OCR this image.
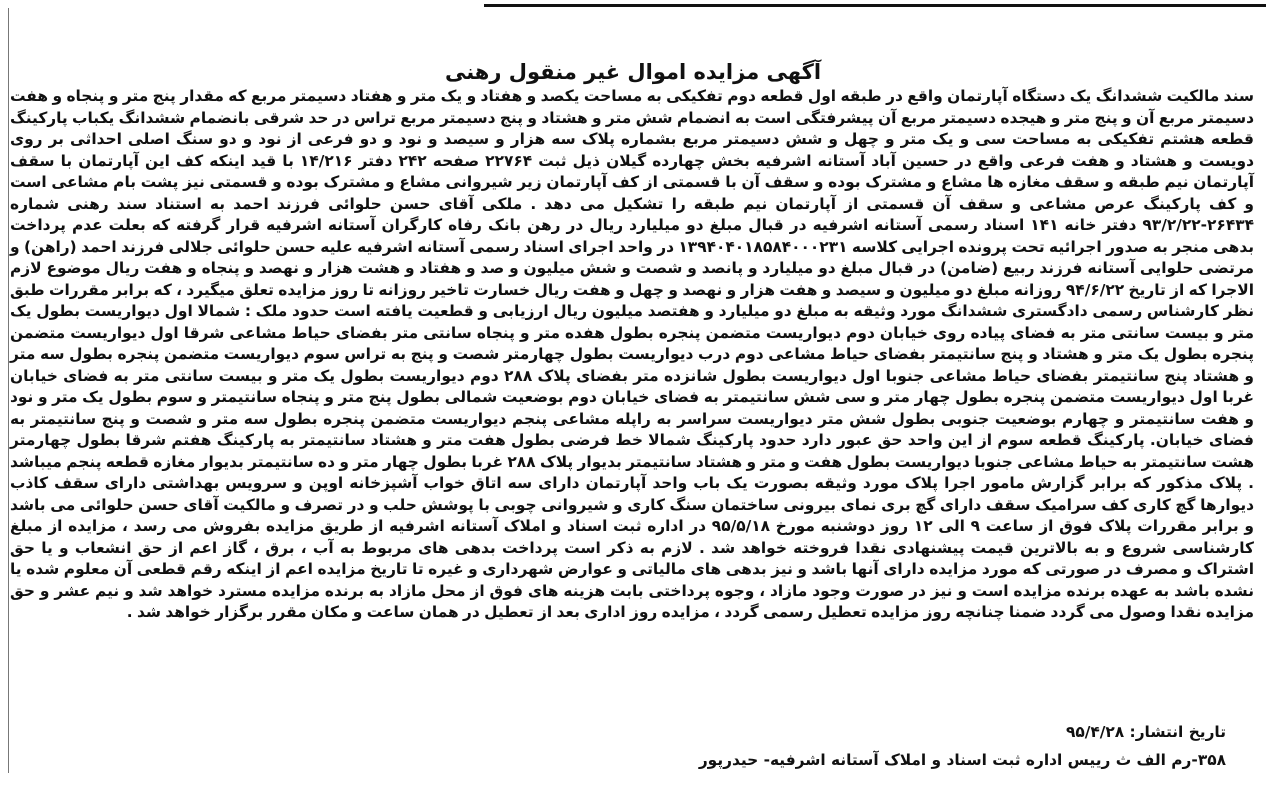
آگهی مزایده اموال غیر منقول رهنی
سند مالکیت ششدانگ یک دستگاه آپارتمان واقع در طبقه اول قطعه دوم تفکیکی به مساحت یکصد و هفتاد و یک متر و هفتاد دسیمتر مربع که مقدار پنج متر و پنجاه و هفت دسیمتر مربع آن و پنج متر و هیجده دسیمتر مربع آن پیشرفتگی است به انضمام شش متر و هشتاد و پنج دسیمتر مربع تراس در حد شرقی بانضمام ششدانگ یکباب پارکینگ قطعه هشتم تفکیکی به مساحت سی و یک متر و چهل و شش دسیمتر مربع بشماره پلاک سه هزار و سیصد و نود و دو فرعی از نود و دو سنگ اصلی احداثی بر روی دویست و هشتاد و هفت فرعی واقع در حسین آباد آستانه اشرفیه بخش چهارده گیلان ذیل ثبت ۲۲۷۶۴ صفحه ۲۴۲ دفتر ۱۴/۲۱۶ با قید اینکه کف این آپارتمان با سقف آپارتمان نیم طبقه و سقف مغازه ها مشاع و مشترک بوده و سقف آن با قسمتی از کف آپارتمان زیر شیروانی مشاع و مشترک بوده و قسمتی نیز پشت بام مشاعی است و کف پارکینگ عرص مشاعی و سقف آن قسمتی از آپارتمان نیم طبقه را تشکیل می دهد . ملکی آقای حسن حلوائی فرزند احمد به استناد سند رهنی شماره ۲۶۴۳۴-۹۳/۲/۲۲ دفتر خانه ۱۴۱ اسناد رسمی آستانه اشرفیه در قبال مبلغ دو میلیارد ریال در رهن بانک رفاه کارگران آستانه اشرفیه قرار گرفته که بعلت عدم پرداخت بدهی منجر به صدور اجرائیه تحت پرونده اجرایی کلاسه ۱۳۹۴۰۴۰۱۸۵۸۴۰۰۰۲۳۱ در واحد اجرای اسناد رسمی آستانه اشرفیه علیه حسن حلوائی جلالی فرزند احمد (راهن) و مرتضی حلوایی آستانه فرزند ربیع (ضامن) در قبال مبلغ دو میلیارد و پانصد و شصت و شش میلیون و صد و هفتاد و هشت هزار و نهصد و پنجاه و هفت ریال موضوع لازم الاجرا که از تاریخ ۹۴/۶/۲۲ روزانه مبلغ دو میلیون و سیصد و هفت هزار و نهصد و چهل و هفت ریال خسارت تاخیر روزانه تا روز مزایده تعلق میگیرد ، که برابر مقررات طبق نظر کارشناس رسمی دادگستری ششدانگ مورد وثیقه به مبلغ دو میلیارد و هفتصد میلیون ریال ارزیابی و قطعیت یافته است حدود ملک : شمالا اول دیواریست بطول یک متر و بیست سانتی متر به فضای پیاده روی خیابان دوم دیواریست متضمن پنجره بطول هفده متر و پنجاه سانتی متر بفضای حیاط مشاعی شرقا اول دیواریست متضمن پنجره بطول یک متر و هشتاد و پنج سانتیمتر بفضای حیاط مشاعی دوم درب دیواریست بطول چهارمتر شصت و پنج به تراس سوم دیواریست متضمن پنجره بطول سه متر و هشتاد پنج سانتیمتر بفضای حیاط مشاعی جنوبا اول دیواریست بطول شانزده متر بفضای پلاک ۲۸۸ دوم دیواریست بطول یک متر و بیست سانتی متر به فضای خیابان غربا اول دیواریست متضمن پنجره بطول چهار متر و سی شش سانتیمتر به فضای خیابان دوم بوضعیت شمالی بطول پنج متر و پنجاه سانتیمتر و سوم بطول یک متر و نود و هفت سانتیمتر و چهارم بوضعیت جنوبی بطول شش متر دیواریست سراسر به راپله مشاعی پنجم دیواریست متضمن پنجره بطول سه متر و شصت و پنج سانتیمتر به فضای خیابان. پارکینگ قطعه سوم از این واحد حق عبور دارد حدود پارکینگ شمالا خط فرضی بطول هفت متر و هشتاد سانتیمتر به پارکینگ هفتم شرقا بطول چهارمتر هشت سانتیمتر به حیاط مشاعی جنوبا دیواریست بطول هفت و متر و هشتاد سانتیمتر بدیوار پلاک ۲۸۸ غربا بطول چهار متر و ده سانتیمتر بدیوار مغازه قطعه پنجم میباشد . پلاک مذکور که برابر گزارش مامور اجرا پلاک مورد وثیقه بصورت یک باب واحد آپارتمان دارای سه اتاق خواب آشپزخانه اوپن و سرویس بهداشتی دارای سقف کاذب دیوارها گچ کاری کف سرامیک سقف دارای گچ بری نمای بیرونی ساختمان سنگ کاری و شیروانی چوبی با پوشش حلب و در تصرف و مالکیت آقای حسن حلوائی می باشد و برابر مقررات پلاک فوق از ساعت ۹ الی ۱۲ روز دوشنبه مورخ ۹۵/۵/۱۸ در اداره ثبت اسناد و املاک آستانه اشرفیه از طریق مزایده بفروش می رسد ، مزایده از مبلغ کارشناسی شروع و به بالاترین قیمت پیشنهادی نقدا فروخته خواهد شد . لازم به ذکر است پرداخت بدهی های مربوط به آب ، برق ، گاز اعم از حق انشعاب و یا حق اشتراک و مصرف در صورتی که مورد مزایده دارای آنها باشد و نیز بدهی های مالیاتی و عوارض شهرداری و غیره تا تاریخ مزایده اعم از اینکه رقم قطعی آن معلوم شده یا نشده باشد به عهده برنده مزایده است و نیز در صورت وجود مازاد ، وجوه پرداختی بابت هزینه های فوق از محل مازاد به برنده مزایده مسترد خواهد شد و نیم عشر و حق مزایده نقدا وصول می گردد ضمنا چنانچه روز مزایده تعطیل رسمی گردد ، مزایده روز اداری بعد از تعطیل در همان ساعت و مکان مقرر برگزار خواهد شد .
تاریخ انتشار: ۹۵/۴/۲۸
۳۵۸-رم الف ث رییس اداره ثبت اسناد و املاک آستانه اشرفیه- حیدرپور
